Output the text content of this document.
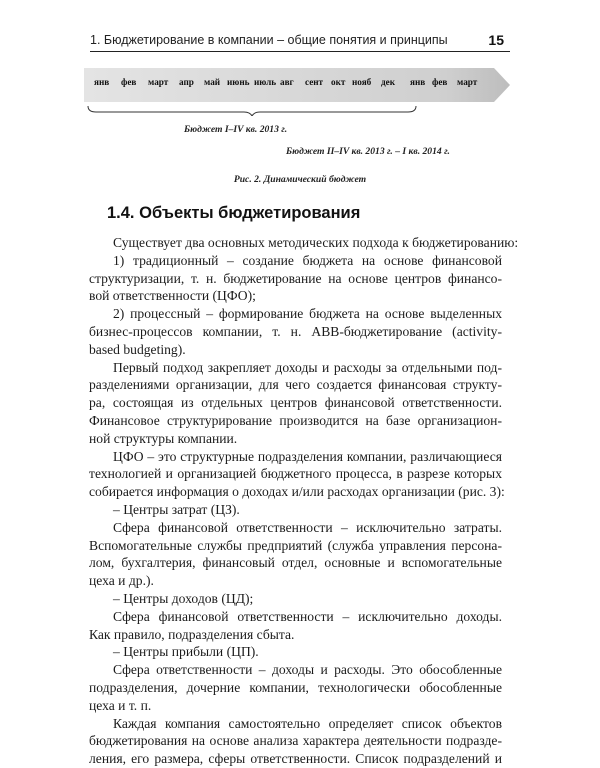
1. Бюджетирование в компании – общие понятия и принципы	15
янв фев март апр май июнь июль авг сент окт нояб дек янв фев март
Бюджет I–IV кв. 2013 г.
Бюджет II–IV кв. 2013 г. – I кв. 2014 г.
Рис. 2. Динамический бюджет
1.4. Объекты бюджетирования
Существует два основных методических подхода к бюджетированию:
1) традиционный – создание бюджета на основе финансовой
структуризации, т. н. бюджетирование на основе центров финансо-
вой ответственности (ЦФО);
2) процессный – формирование бюджета на основе выделенных
бизнес-процессов компании, т. н. ABB-бюджетирование (activity-
based budgeting).
Первый подход закрепляет доходы и расходы за отдельными под-
разделениями организации, для чего создается финансовая структу-
ра, состоящая из отдельных центров финансовой ответственности.
Финансовое структурирование производится на базе организацион-
ной структуры компании.
ЦФО – это структурные подразделения компании, различающиеся
технологией и организацией бюджетного процесса, в разрезе которых
собирается информация о доходах и/или расходах организации (рис. 3):
– Центры затрат (ЦЗ).
Сфера финансовой ответственности – исключительно затраты.
Вспомогательные службы предприятий (служба управления персона-
лом, бухгалтерия, финансовый отдел, основные и вспомогательные
цеха и др.).
– Центры доходов (ЦД);
Сфера финансовой ответственности – исключительно доходы.
Как правило, подразделения сбыта.
– Центры прибыли (ЦП).
Сфера ответственности – доходы и расходы. Это обособленные
подразделения, дочерние компании, технологически обособленные
цеха и т. п.
Каждая компания самостоятельно определяет список объектов
бюджетирования на основе анализа характера деятельности подразде-
ления, его размера, сферы ответственности. Список подразделений и
